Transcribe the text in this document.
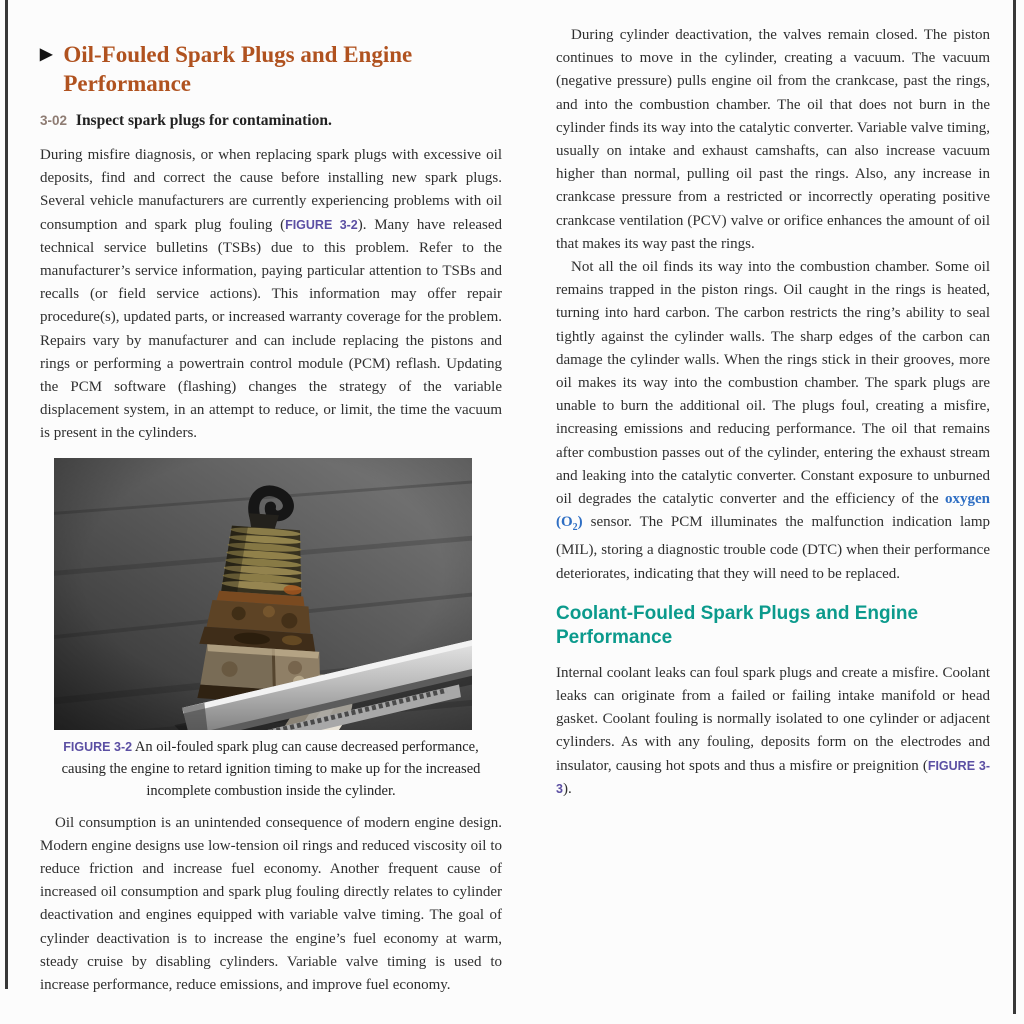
▶ Oil-Fouled Spark Plugs and Engine Performance

3-02 Inspect spark plugs for contamination.

During misfire diagnosis, or when replacing spark plugs with excessive oil deposits, find and correct the cause before installing new spark plugs. Several vehicle manufacturers are currently experiencing problems with oil consumption and spark plug fouling (FIGURE 3-2). Many have released technical service bulletins (TSBs) due to this problem. Refer to the manufacturer’s service information, paying particular attention to TSBs and recalls (or field service actions). This information may offer repair procedure(s), updated parts, or increased warranty coverage for the problem. Repairs vary by manufacturer and can include replacing the pistons and rings or performing a powertrain control module (PCM) reflash. Updating the PCM software (flashing) changes the strategy of the variable displacement system, in an attempt to reduce, or limit, the time the vacuum is present in the cylinders.

FIGURE 3-2 An oil-fouled spark plug can cause decreased performance, causing the engine to retard ignition timing to make up for the increased incomplete combustion inside the cylinder.

Oil consumption is an unintended consequence of modern engine design. Modern engine designs use low-tension oil rings and reduced viscosity oil to reduce friction and increase fuel economy. Another frequent cause of increased oil consumption and spark plug fouling directly relates to cylinder deactivation and engines equipped with variable valve timing. The goal of cylinder deactivation is to increase the engine’s fuel economy at warm, steady cruise by disabling cylinders. Variable valve timing is used to increase performance, reduce emissions, and improve fuel economy.

During cylinder deactivation, the valves remain closed. The piston continues to move in the cylinder, creating a vacuum. The vacuum (negative pressure) pulls engine oil from the crankcase, past the rings, and into the combustion chamber. The oil that does not burn in the cylinder finds its way into the catalytic converter. Variable valve timing, usually on intake and exhaust camshafts, can also increase vacuum higher than normal, pulling oil past the rings. Also, any increase in crankcase pressure from a restricted or incorrectly operating positive crankcase ventilation (PCV) valve or orifice enhances the amount of oil that makes its way past the rings.

Not all the oil finds its way into the combustion chamber. Some oil remains trapped in the piston rings. Oil caught in the rings is heated, turning into hard carbon. The carbon restricts the ring’s ability to seal tightly against the cylinder walls. The sharp edges of the carbon can damage the cylinder walls. When the rings stick in their grooves, more oil makes its way into the combustion chamber. The spark plugs are unable to burn the additional oil. The plugs foul, creating a misfire, increasing emissions and reducing performance. The oil that remains after combustion passes out of the cylinder, entering the exhaust stream and leaking into the catalytic converter. Constant exposure to unburned oil degrades the catalytic converter and the efficiency of the oxygen $(O_2)$ sensor. The PCM illuminates the malfunction indication lamp (MIL), storing a diagnostic trouble code (DTC) when their performance deteriorates, indicating that they will need to be replaced.

Coolant-Fouled Spark Plugs and Engine Performance

Internal coolant leaks can foul spark plugs and create a misfire. Coolant leaks can originate from a failed or failing intake manifold or head gasket. Coolant fouling is normally isolated to one cylinder or adjacent cylinders. As with any fouling, deposits form on the electrodes and insulator, causing hot spots and thus a misfire or preignition (FIGURE 3-3).
